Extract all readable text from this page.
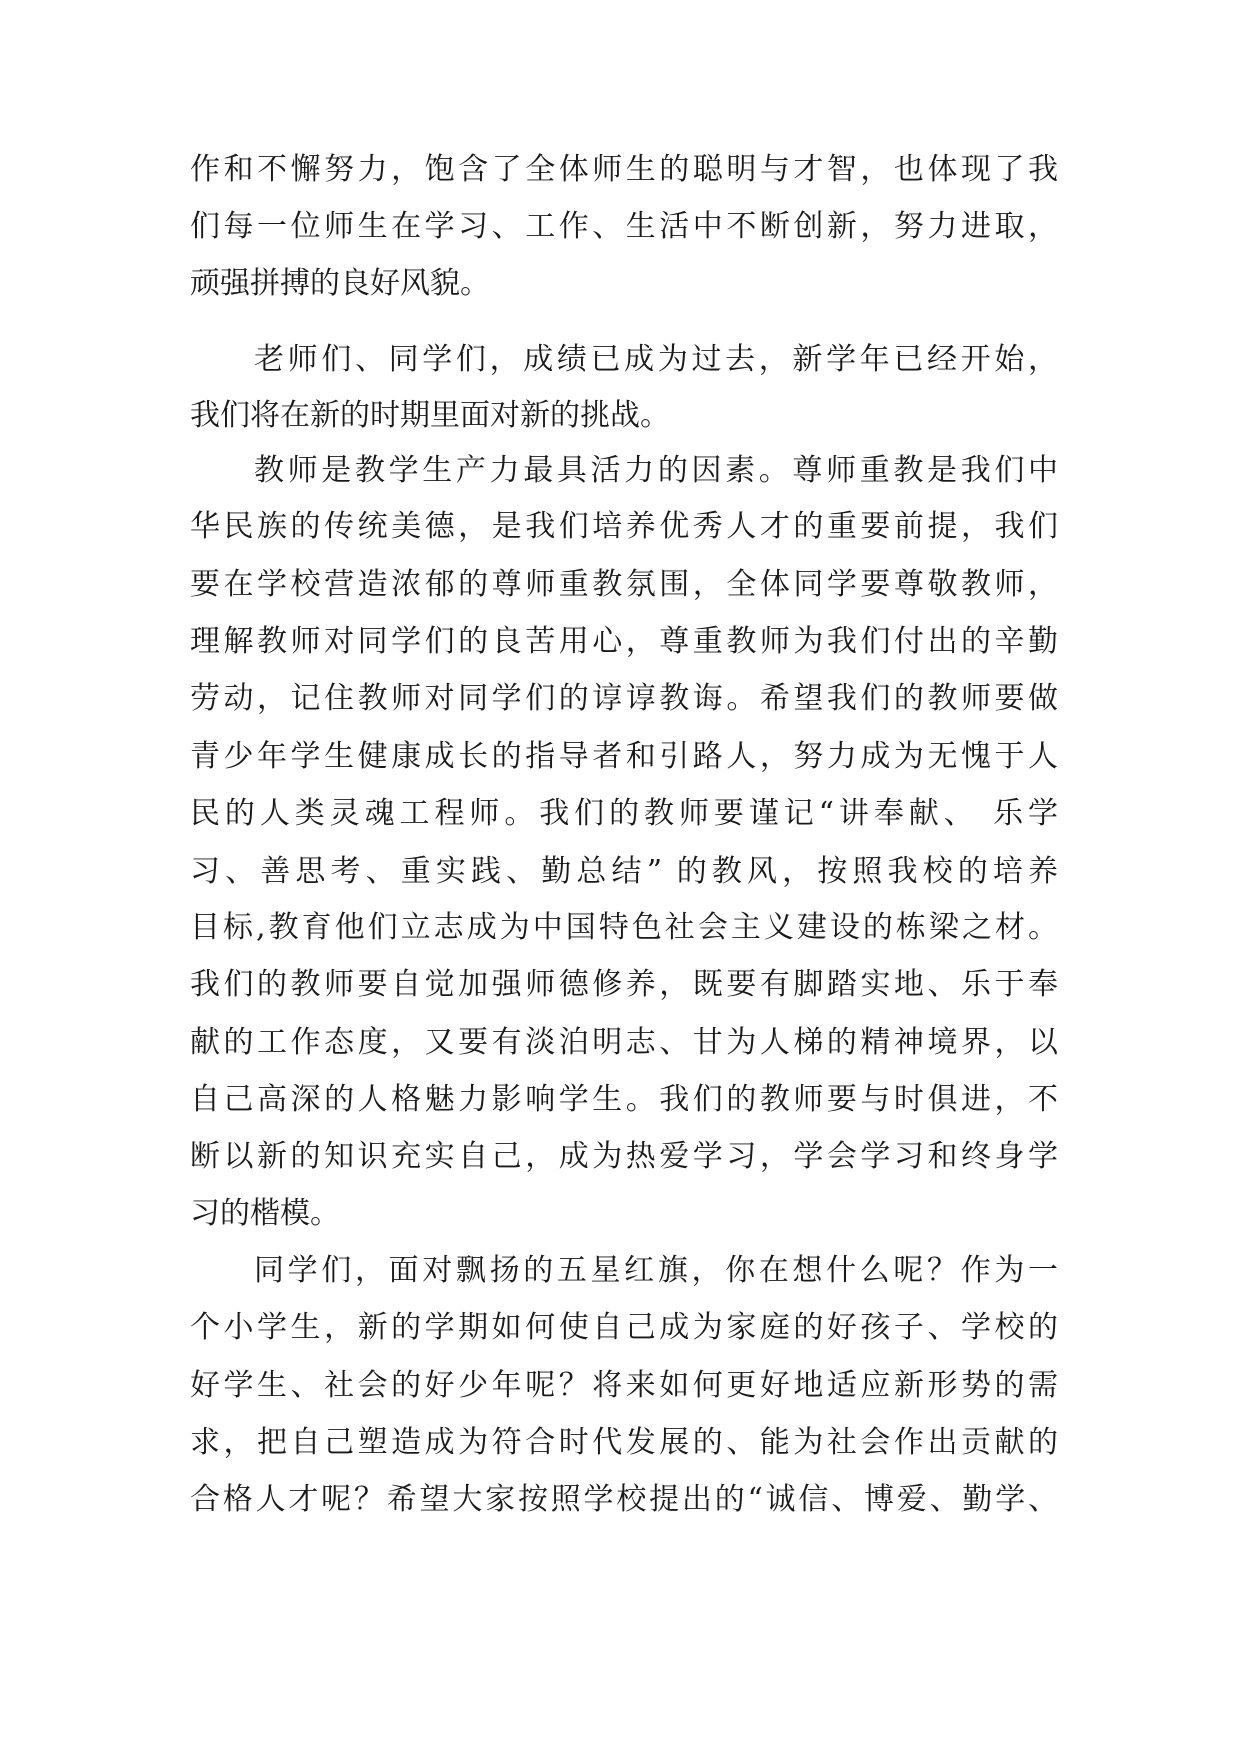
作和不懈努力，饱含了全体师生的聪明与才智，也体现了我
们每一位师生在学习、工作、生活中不断创新，努力进取，
顽强拼搏的良好风貌。
老师们、同学们，成绩已成为过去，新学年已经开始，
我们将在新的时期里面对新的挑战。
教师是教学生产力最具活力的因素。尊师重教是我们中
华民族的传统美德，是我们培养优秀人才的重要前提，我们
要在学校营造浓郁的尊师重教氛围，全体同学要尊敬教师，
理解教师对同学们的良苦用心，尊重教师为我们付出的辛勤
劳动，记住教师对同学们的谆谆教诲。希望我们的教师要做
青少年学生健康成长的指导者和引路人，努力成为无愧于人
民的人类灵魂工程师。我们的教师要谨记“讲奉献、 乐学
习、善思考、重实践、勤总结” 的教风，按照我校的培养
目标,教育他们立志成为中国特色社会主义建设的栋梁之材。
我们的教师要自觉加强师德修养，既要有脚踏实地、乐于奉
献的工作态度，又要有淡泊明志、甘为人梯的精神境界，以
自己高深的人格魅力影响学生。我们的教师要与时俱进，不
断以新的知识充实自己，成为热爱学习，学会学习和终身学
习的楷模。
同学们，面对飘扬的五星红旗，你在想什么呢？作为一
个小学生，新的学期如何使自己成为家庭的好孩子、学校的
好学生、社会的好少年呢？将来如何更好地适应新形势的需
求，把自己塑造成为符合时代发展的、能为社会作出贡献的
合格人才呢？希望大家按照学校提出的“诚信、博爱、勤学、
